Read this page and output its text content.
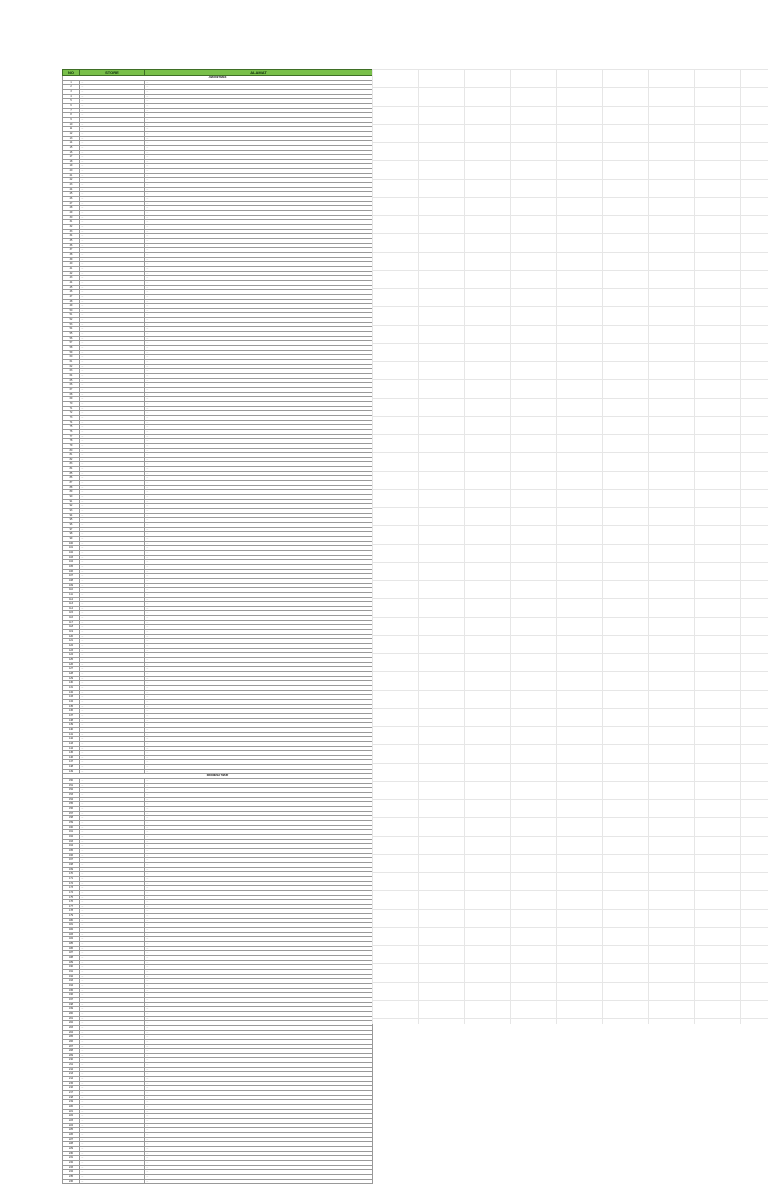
NO	STORE	ALAMAT
JABODETABEK		
1	…	…
2	…	…
3	…	…
4	…	…
5	…	…
6	…	…
7	…	…
8	…	…
9	…	…
10	…	…
11	…	…
12	…	…
13	…	…
14	…	…
15	…	…
16	…	…
17	…	…
18	…	…
19	…	…
20	…	…
21	…	…
22	…	…
23	…	…
24	…	…
25	…	…
26	…	…
27	…	…
28	…	…
29	…	…
30	…	…
31	…	…
32	…	…
33	…	…
34	…	…
35	…	…
36	…	…
37	…	…
38	…	…
39	…	…
40	…	…
41	…	…
42	…	…
43	…	…
44	…	…
45	…	…
46	…	…
47	…	…
48	…	…
49	…	…
50	…	…
51	…	…
52	…	…
53	…	…
54	…	…
55	…	…
56	…	…
57	…	…
58	…	…
59	…	…
60	…	…
61	…	…
62	…	…
63	…	…
64	…	…
65	…	…
66	…	…
67	…	…
68	…	…
69	…	…
70	…	…
71	…	…
72	…	…
73	…	…
74	…	…
75	…	…
76	…	…
77	…	…
78	…	…
79	…	…
80	…	…
81	…	…
82	…	…
83	…	…
84	…	…
85	…	…
86	…	…
87	…	…
88	…	…
89	…	…
90	…	…
91	…	…
92	…	…
93	…	…
94	…	…
95	…	…
96	…	…
97	…	…
98	…	…
99	…	…
100	…	…
101	…	…
102	…	…
103	…	…
104	…	…
105	…	…
106	…	…
107	…	…
108	…	…
109	…	…
110	…	…
111	…	…
112	…	…
113	…	…
114	…	…
115	…	…
116	…	…
117	…	…
118	…	…
119	…	…
120	…	…
121	…	…
122	…	…
123	…	…
124	…	…
125	…	…
126	…	…
127	…	…
128	…	…
129	…	…
130	…	…
131	…	…
132	…	…
133	…	…
134	…	…
135	…	…
136	…	…
137	…	…
138	…	…
139	…	…
140	…	…
141	…	…
142	…	…
143	…	…
144	…	…
145	…	…
146	…	…
147	…	…
148	…	…
149	…	…
INDONESIA TIMUR		
150	…	…
151	…	…
152	…	…
153	…	…
154	…	…
155	…	…
156	…	…
157	…	…
158	…	…
159	…	…
160	…	…
161	…	…
162	…	…
163	…	…
164	…	…
165	…	…
166	…	…
167	…	…
168	…	…
169	…	…
170	…	…
171	…	…
172	…	…
173	…	…
174	…	…
175	…	…
176	…	…
177	…	…
178	…	…
179	…	…
180	…	…
181	…	…
182	…	…
183	…	…
184	…	…
185	…	…
186	…	…
187	…	…
188	…	…
189	…	…
190	…	…
191	…	…
192	…	…
193	…	…
194	…	…
195	…	…
196	…	…
197	…	…
198	…	…
199	…	…
200	…	…
201	…	…
202	…	…
203	…	…
204	…	…
205	…	…
206	…	…
207	…	…
208	…	…
209	…	…
210	…	…
211	…	…
212	…	…
213	…	…
214	…	…
215	…	…
216	…	…
217	…	…
218	…	…
219	…	…
220	…	…
221	…	…
222	…	…
223	…	…
224	…	…
225	…	…
226	…	…
227	…	…
228	…	…
229	…	…
230	…	…
231	…	…
232	…	…
233	…	…
234	…	…
235	…	…
236	…	…
